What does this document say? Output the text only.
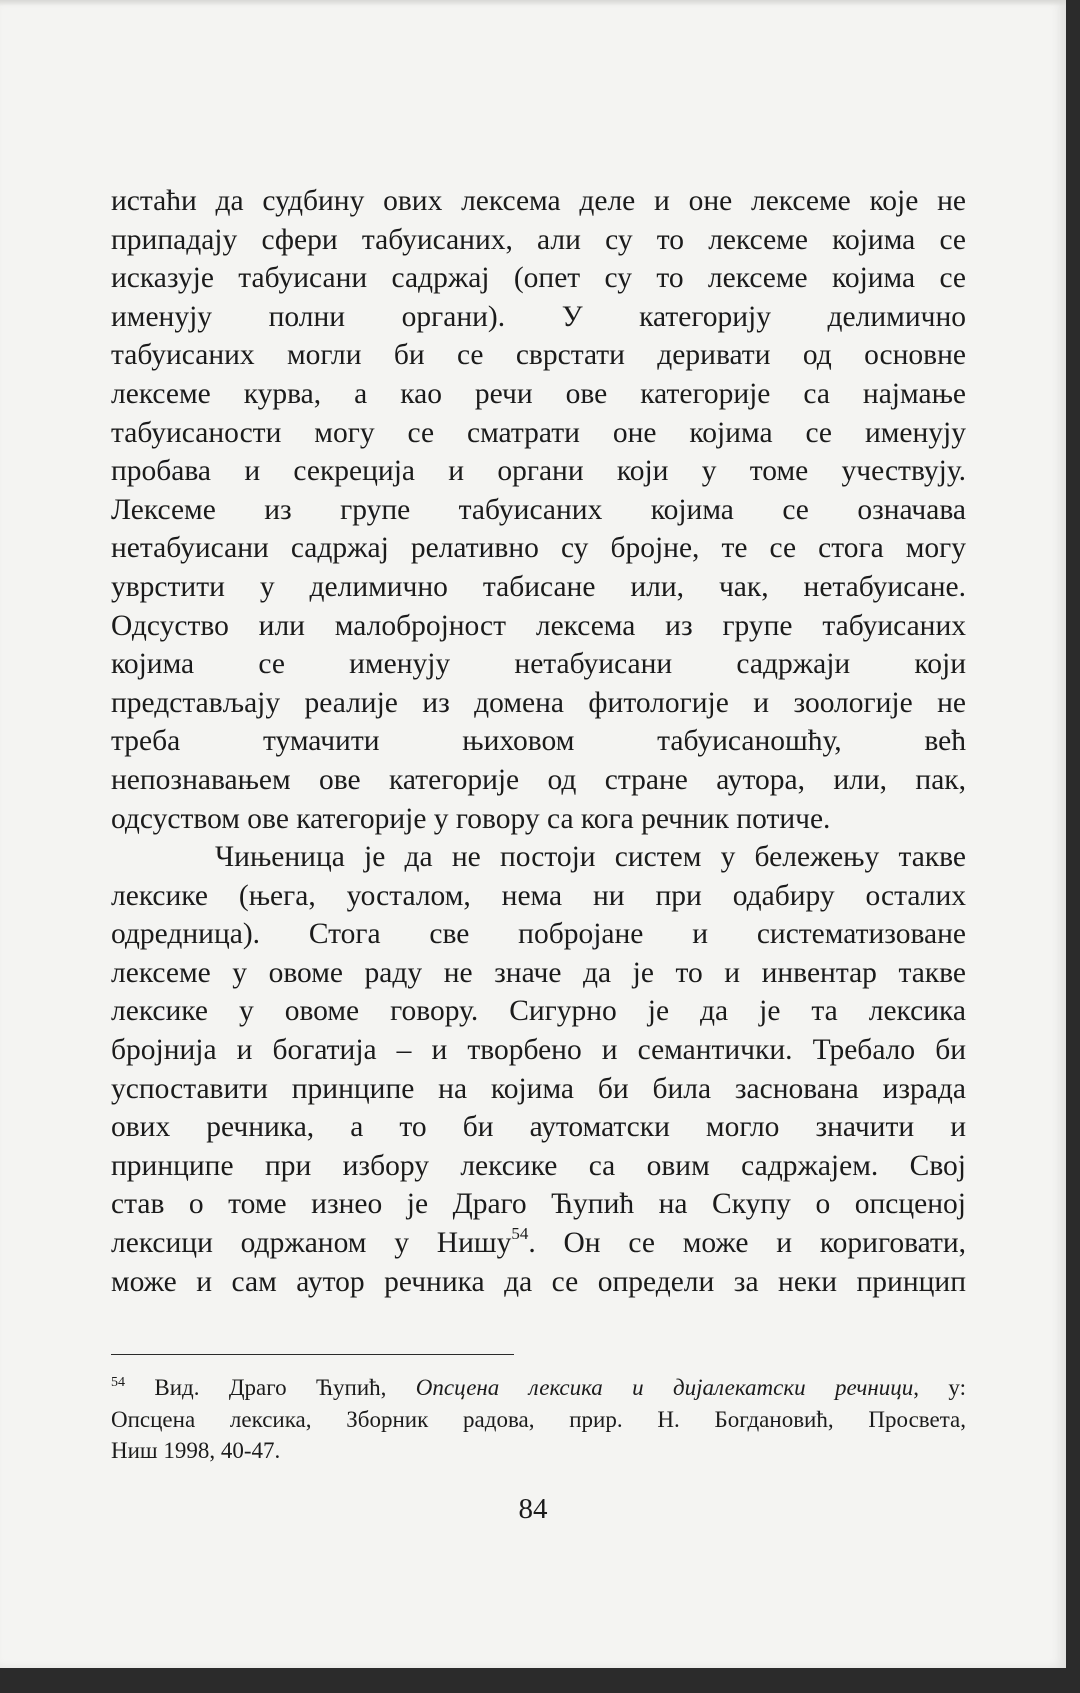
истаћи да судбину ових лексема деле и оне лексеме које не
припадају сфери табуисаних, али су то лексеме којима се
исказује табуисани садржај (опет су то лексеме којима се
именују полни органи). У категорију делимично
табуисаних могли би се сврстати деривати од основне
лексеме курва, а као речи ове категорије са најмање
табуисаности могу се сматрати оне којима се именују
пробава и секреција и органи који у томе учествују.
Лексеме из групе табуисаних којима се означава
нетабуисани садржај релативно су бројне, те се стога могу
уврстити у делимично табисане или, чак, нетабуисане.
Одсуство или малобројност лексема из групе табуисаних
којима се именују нетабуисани садржаји који
представљају реалије из домена фитологије и зоологије не
треба тумачити њиховом табуисаношћу, већ
непознавањем ове категорије од стране аутора, или, пак,
одсуством ове категорије у говору са кога речник потиче.
Чињеница је да не постоји систем у бележењу такве
лексике (њега, уосталом, нема ни при одабиру осталих
одредница). Стога све побројане и систематизоване
лексеме у овоме раду не значе да је то и инвентар такве
лексике у овоме говору. Сигурно је да је та лексика
бројнија и богатија – и творбено и семантички. Требало би
успоставити принципе на којима би била заснована израда
ових речника, а то би аутоматски могло значити и
принципе при избору лексике са овим садржајем. Свој
став о томе изнео је Драго Ћупић на Скупу о опсценој
лексици одржаном у Нишу$^{54}$. Он се може и кориговати,
може и сам аутор речника да се определи за неки принцип
$^{54}$ Вид. Драго Ћупић, Опсцена лексика и дијалекатски речници, у:
Опсцена лексика, Зборник радова, прир. Н. Богдановић, Просвета,
Ниш 1998, 40-47.
84
